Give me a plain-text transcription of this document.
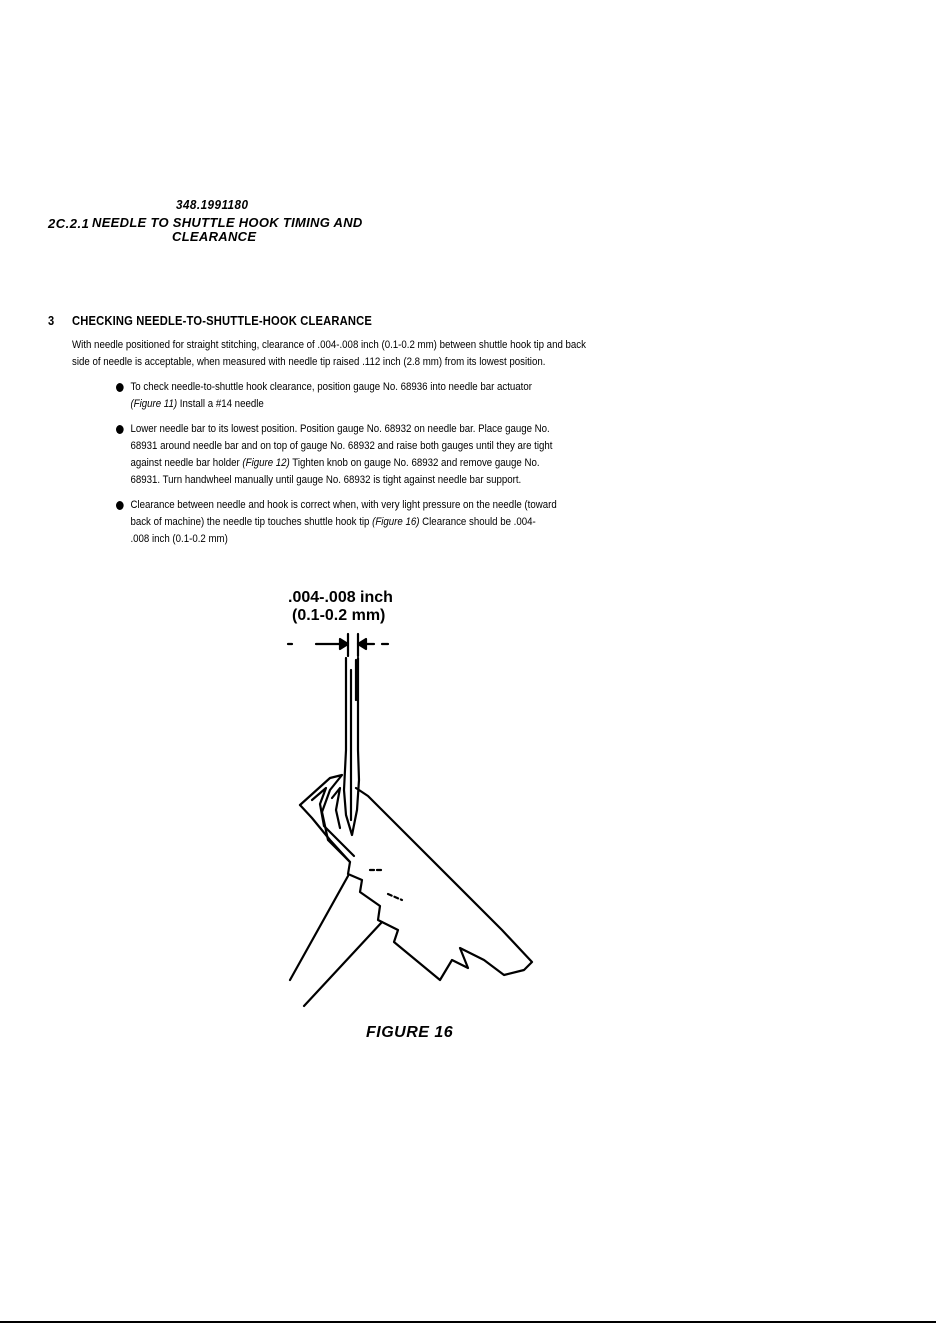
348.1991180
2C.2.1 NEEDLE TO SHUTTLE HOOK TIMING AND
CLEARANCE
3 CHECKING NEEDLE-TO-SHUTTLE-HOOK CLEARANCE
With needle positioned for straight stitching, clearance of .004-.008 inch (0.1-0.2 mm) between shuttle hook tip and back
side of needle is acceptable, when measured with needle tip raised .112 inch (2.8 mm) from its lowest position.
To check needle-to-shuttle hook clearance, position gauge No. 68936 into needle bar actuator
(Figure 11) Install a #14 needle
Lower needle bar to its lowest position. Position gauge No. 68932 on needle bar. Place gauge No.
68931 around needle bar and on top of gauge No. 68932 and raise both gauges until they are tight
against needle bar holder (Figure 12) Tighten knob on gauge No. 68932 and remove gauge No.
68931. Turn handwheel manually until gauge No. 68932 is tight against needle bar support.
Clearance between needle and hook is correct when, with very light pressure on the needle (toward
back of machine) the needle tip touches shuttle hook tip (Figure 16) Clearance should be .004-
.008 inch (0.1-0.2 mm)
.004-.008 inch
(0.1-0.2 mm)
FIGURE 16
